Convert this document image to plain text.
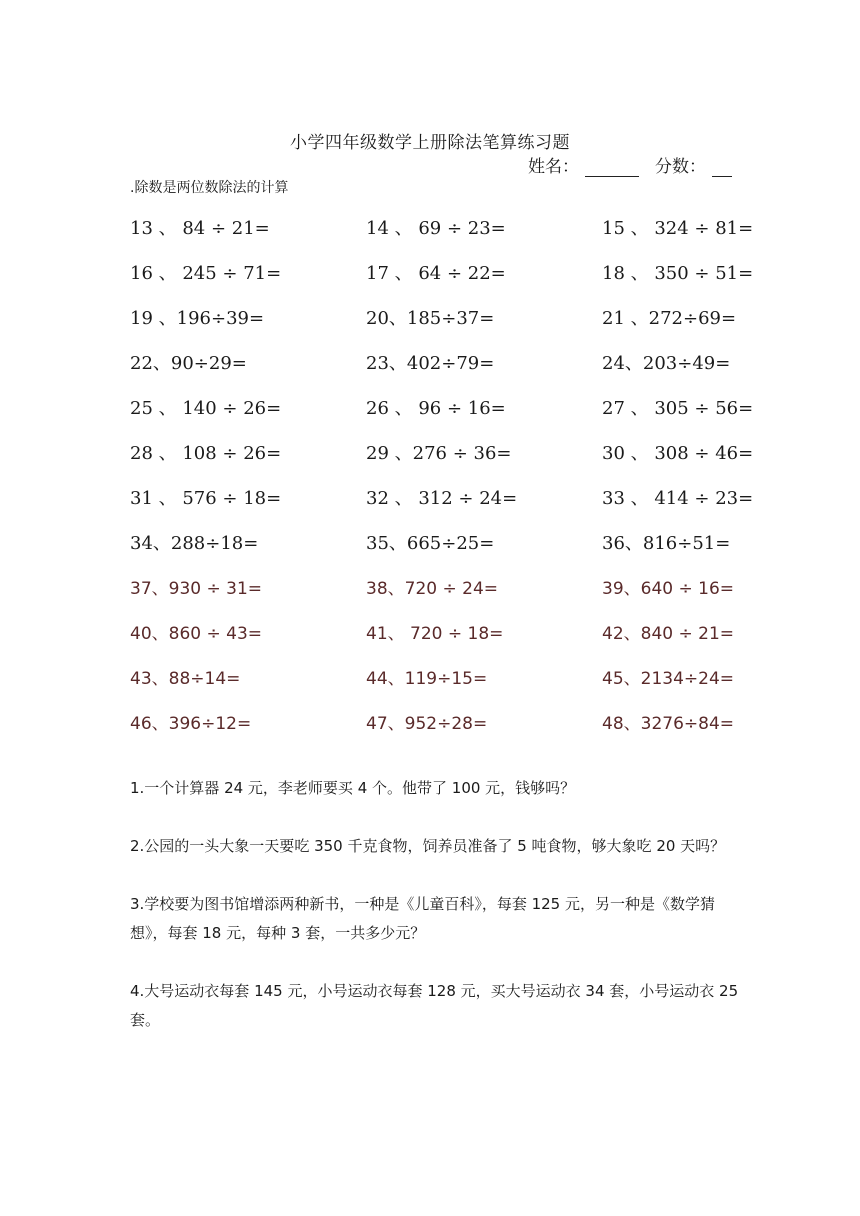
小学四年级数学上册除法笔算练习题
姓名：	分数：
.除数是两位数除法的计算
13 、 84 ÷ 21=	14 、 69 ÷ 23=	15 、 324 ÷ 81=
16 、 245 ÷ 71=	17 、 64 ÷ 22=	18 、 350 ÷ 51=
19 、196÷39=	20、185÷37=	21 、272÷69=
22、90÷29=	23、402÷79=	24、203÷49=
25 、 140 ÷ 26=	26 、 96 ÷ 16=	27 、 305 ÷ 56=
28 、 108 ÷ 26=	29 、276 ÷ 36=	30 、 308 ÷ 46=
31 、 576 ÷ 18=	32 、 312 ÷ 24=	33 、 414 ÷ 23=
34、288÷18=	35、665÷25=	36、816÷51=
37、930 ÷ 31=	38、720 ÷ 24=	39、640 ÷ 16=
40、860 ÷ 43=	41、 720 ÷ 18=	42、840 ÷ 21=
43、88÷14=	44、119÷15=	45、2134÷24=
46、396÷12=	47、952÷28=	48、3276÷84=
1.一个计算器 24 元，李老师要买 4 个。他带了 100 元，钱够吗？
2.公园的一头大象一天要吃 350 千克食物，饲养员准备了 5 吨食物，够大象吃 20 天吗？
3.学校要为图书馆增添两种新书，一种是《儿童百科》，每套 125 元，另一种是《数学猜想》，每套 18 元，每种 3 套，一共多少元？
4.大号运动衣每套 145 元，小号运动衣每套 128 元，买大号运动衣 34 套，小号运动衣 25 套。
